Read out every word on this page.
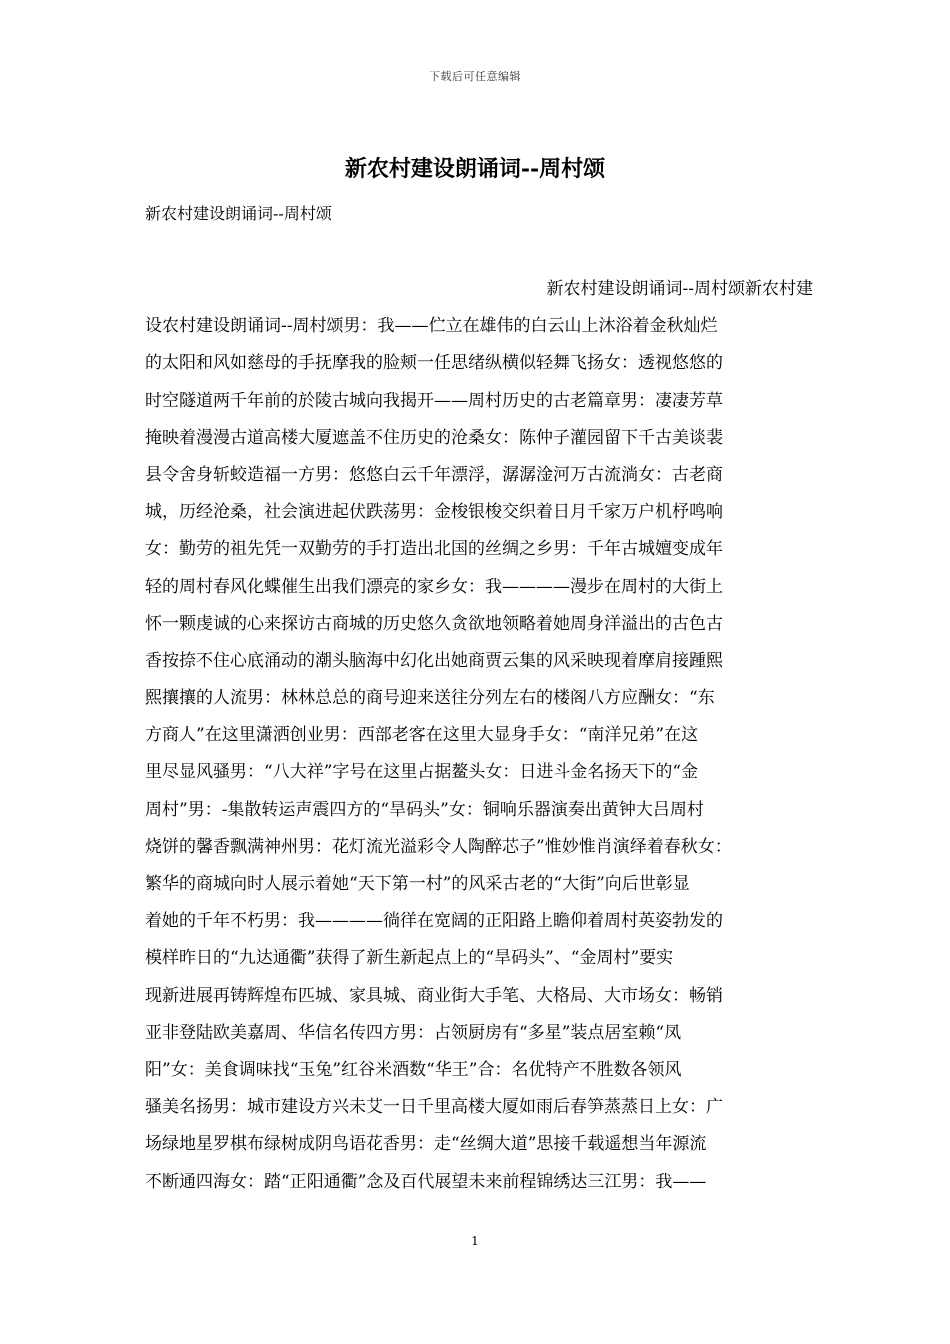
下载后可任意编辑
新农村建设朗诵词--周村颂

新农村建设朗诵词--周村颂

新农村建设朗诵词--周村颂新农村建
设农村建设朗诵词--周村颂男：我——伫立在雄伟的白云山上沐浴着金秋灿烂
的太阳和风如慈母的手抚摩我的脸颊一任思绪纵横似轻舞飞扬女：透视悠悠的
时空隧道两千年前的於陵古城向我揭开——周村历史的古老篇章男：凄凄芳草
掩映着漫漫古道高楼大厦遮盖不住历史的沧桑女：陈仲子灌园留下千古美谈裴
县令舍身斩蛟造福一方男：悠悠白云千年漂浮，潺潺淦河万古流淌女：古老商
城，历经沧桑，社会演进起伏跌荡男：金梭银梭交织着日月千家万户机杼鸣响
女：勤劳的祖先凭一双勤劳的手打造出北国的丝绸之乡男：千年古城嬗变成年
轻的周村春风化蝶催生出我们漂亮的家乡女：我————漫步在周村的大街上
怀一颗虔诚的心来探访古商城的历史悠久贪欲地领略着她周身洋溢出的古色古
香按捺不住心底涌动的潮头脑海中幻化出她商贾云集的风采映现着摩肩接踵熙
熙攘攘的人流男：林林总总的商号迎来送往分列左右的楼阁八方应酬女：“东
方商人”在这里潇洒创业男：西部老客在这里大显身手女：“南洋兄弟”在这
里尽显风骚男：“八大祥”字号在这里占据鳌头女：日进斗金名扬天下的“金
周村”男：-集散转运声震四方的“旱码头”女：铜响乐器演奏出黄钟大吕周村
烧饼的馨香飘满神州男：花灯流光溢彩令人陶醉芯子”惟妙惟肖演绎着春秋女：
繁华的商城向时人展示着她“天下第一村”的风采古老的“大街”向后世彰显
着她的千年不朽男：我————徜徉在宽阔的正阳路上瞻仰着周村英姿勃发的
模样昨日的“九达通衢”获得了新生新起点上的“旱码头”、“金周村”要实
现新进展再铸辉煌布匹城、家具城、商业街大手笔、大格局、大市场女：畅销
亚非登陆欧美嘉周、华信名传四方男：占领厨房有“多星”装点居室赖“凤
阳”女：美食调味找“玉兔”红谷米酒数“华王”合：名优特产不胜数各领风
骚美名扬男：城市建设方兴未艾一日千里高楼大厦如雨后春笋蒸蒸日上女：广
场绿地星罗棋布绿树成阴鸟语花香男：走“丝绸大道”思接千载遥想当年源流
不断通四海女：踏“正阳通衢”念及百代展望未来前程锦绣达三江男：我——
1
